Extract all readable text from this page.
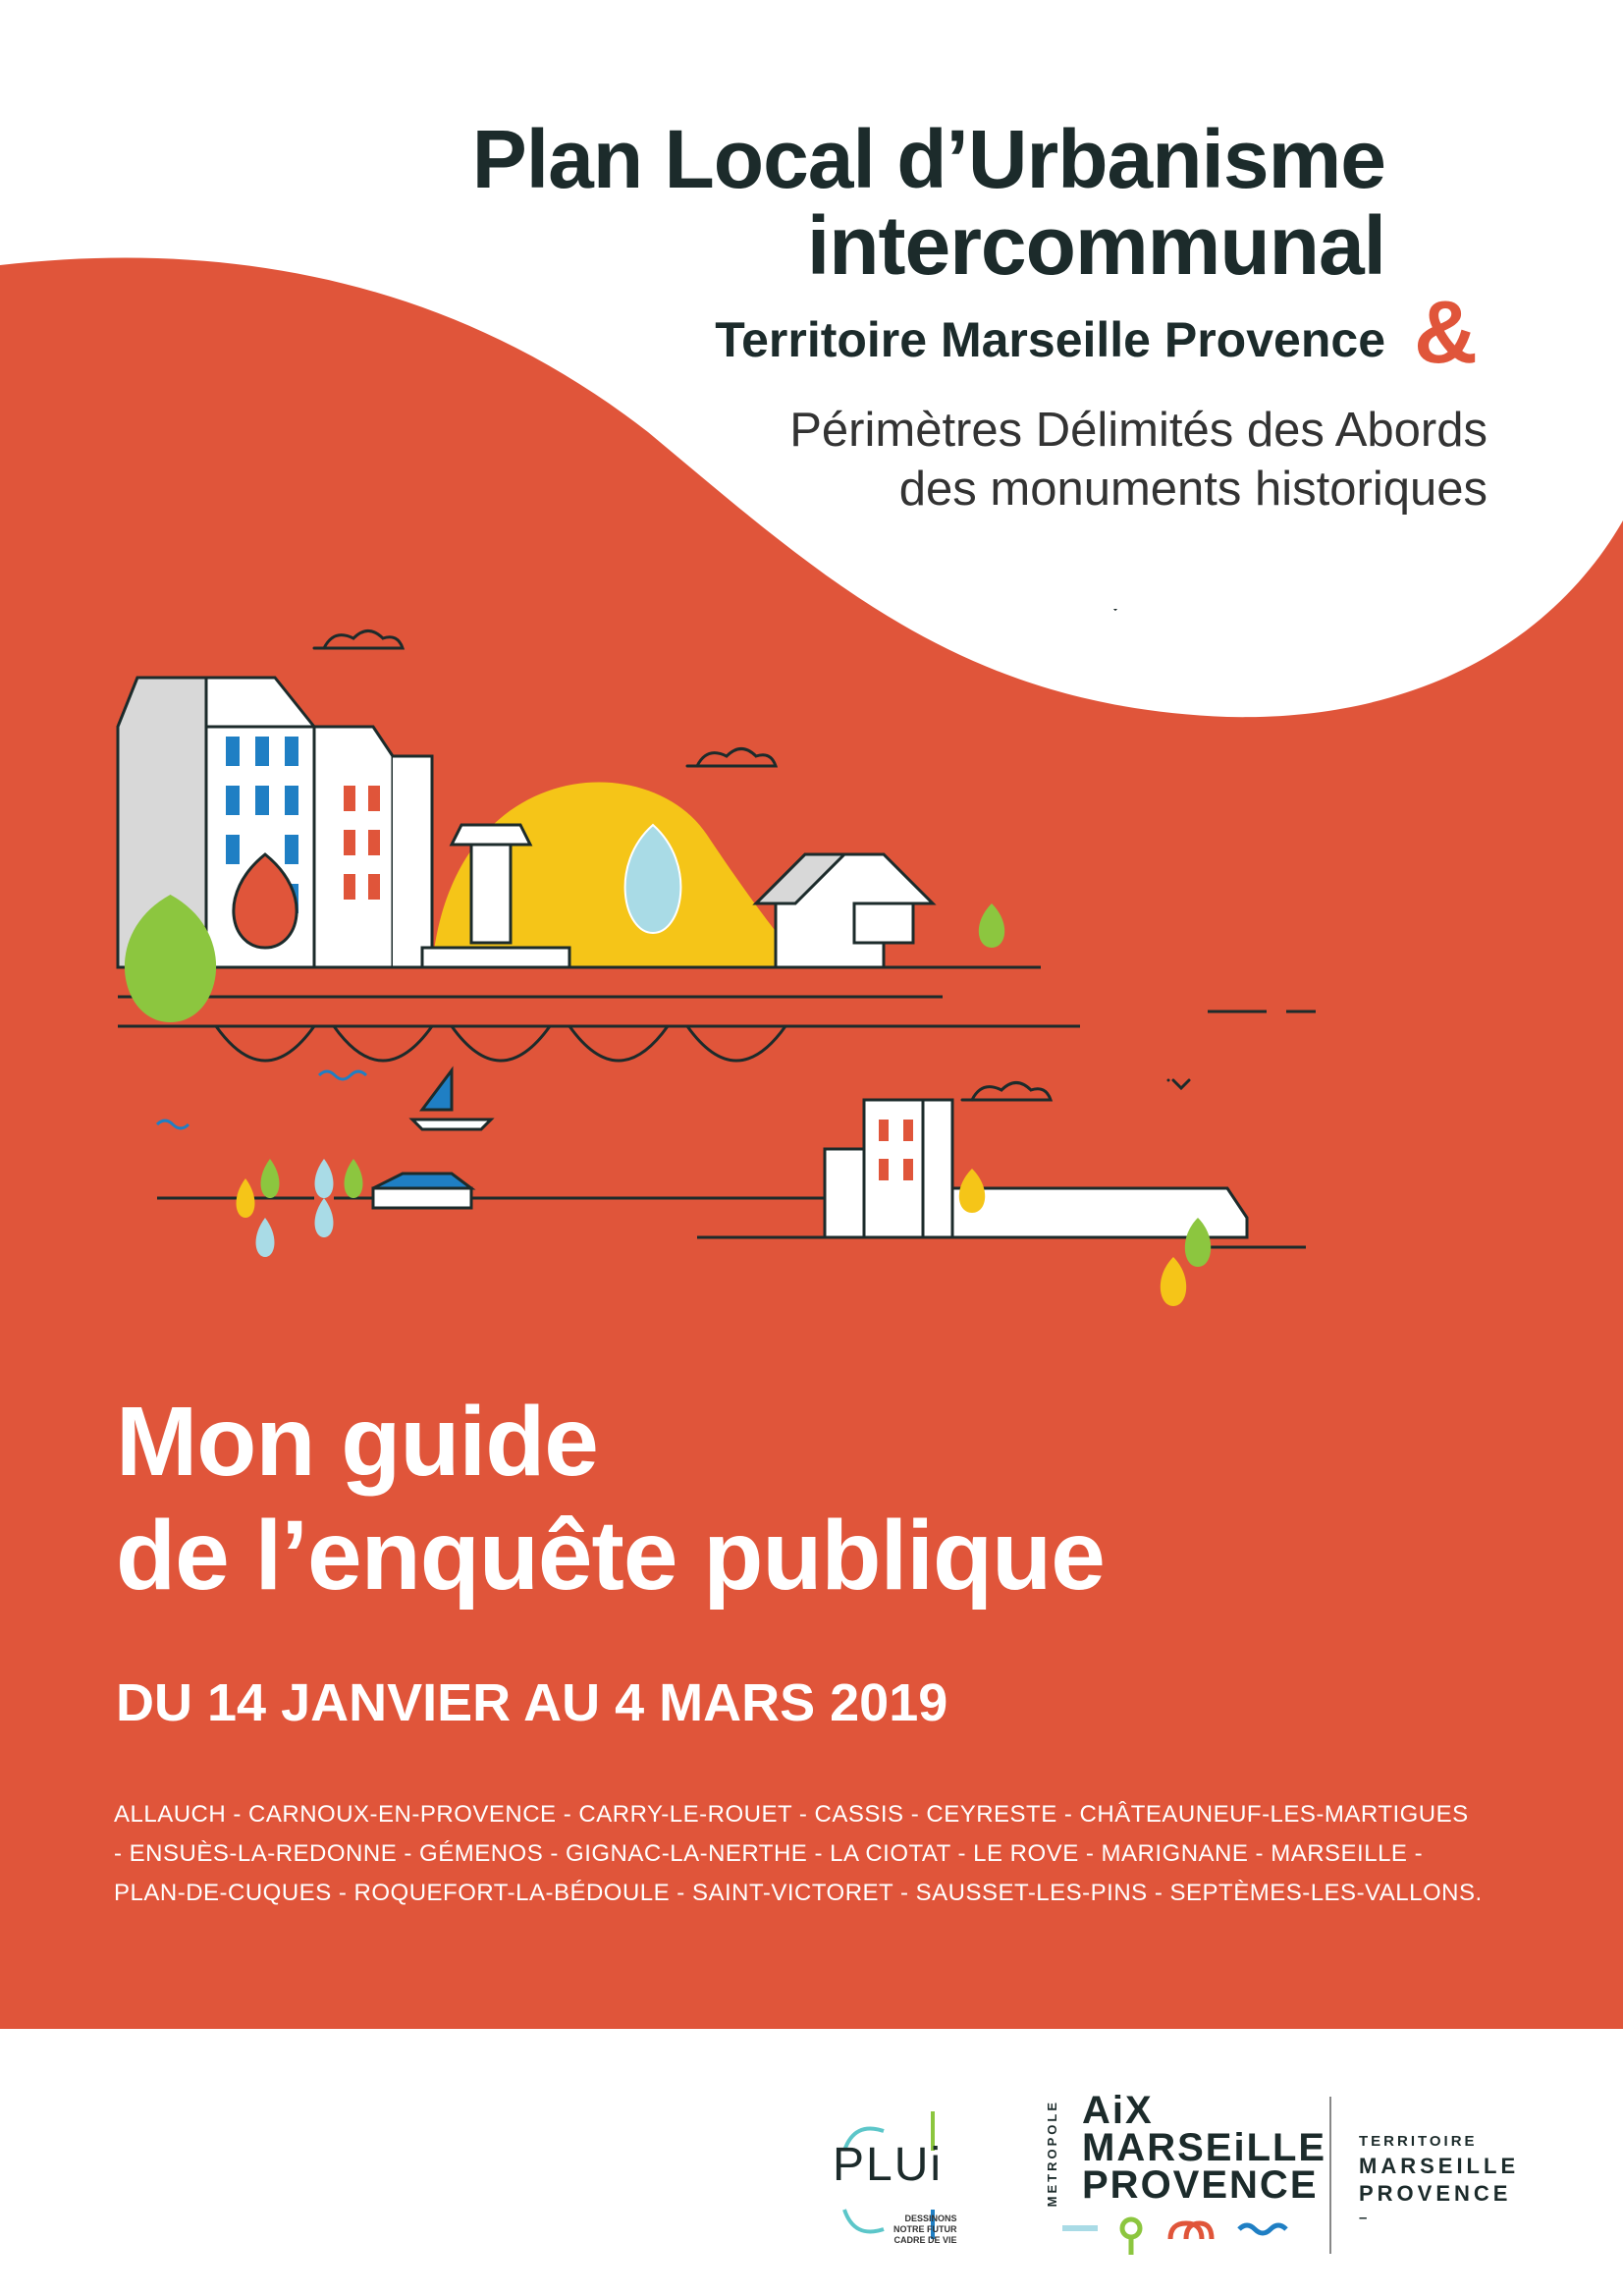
Plan Local d’Urbanisme
intercommunal
Territoire Marseille Provence &
Périmètres Délimités des Abords
des monuments historiques
Mon guide
de l’enquête publique
DU 14 JANVIER AU 4 MARS 2019
ALLAUCH - CARNOUX-EN-PROVENCE - CARRY-LE-ROUET - CASSIS - CEYRESTE - CHÂTEAUNEUF-LES-MARTIGUES
- ENSUÈS-LA-REDONNE - GÉMENOS - GIGNAC-LA-NERTHE - LA CIOTAT - LE ROVE - MARIGNANE - MARSEILLE -
PLAN-DE-CUQUES - ROQUEFORT-LA-BÉDOULE - SAINT-VICTORET - SAUSSET-LES-PINS - SEPTÈMES-LES-VALLONS.
PLUi
DESSINONS
NOTRE FUTUR
CADRE DE VIE
METROPOLE AiX
MARSEiLLE
PROVENCE
TERRITOIRE
MARSEILLE
PROVENCE
–
